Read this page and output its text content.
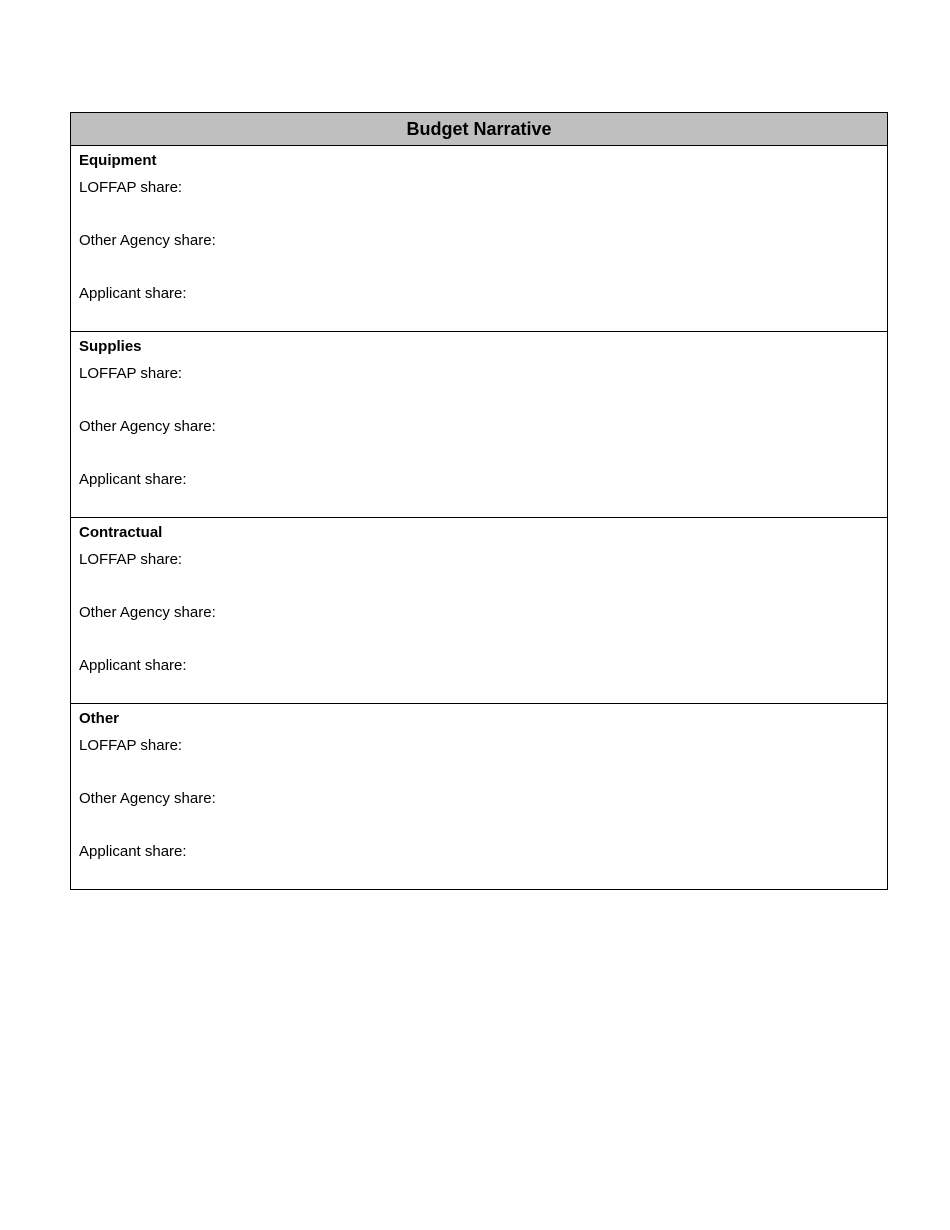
Budget Narrative
Equipment
LOFFAP share:
Other Agency share:
Applicant share:
Supplies
LOFFAP share:
Other Agency share:
Applicant share:
Contractual
LOFFAP share:
Other Agency share:
Applicant share:
Other
LOFFAP share:
Other Agency share:
Applicant share:
